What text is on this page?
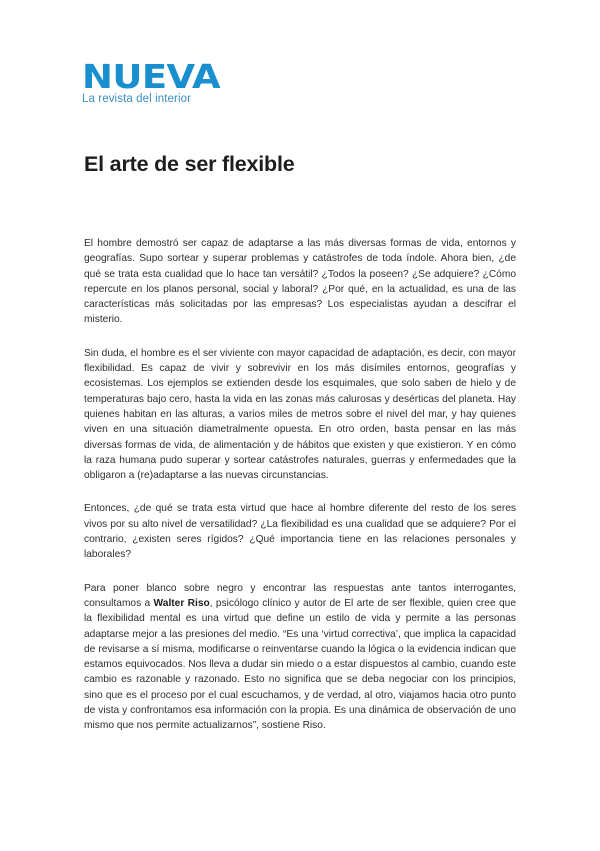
NUEVA
La revista del interior
El arte de ser flexible

El hombre demostró ser capaz de adaptarse a las más diversas formas de vida, entornos y geografías. Supo sortear y superar problemas y catástrofes de toda índole. Ahora bien, ¿de qué se trata esta cualidad que lo hace tan versátil? ¿Todos la poseen? ¿Se adquiere? ¿Cómo repercute en los planos personal, social y laboral? ¿Por qué, en la actualidad, es una de las características más solicitadas por las empresas? Los especialistas ayudan a descifrar el misterio.

Sin duda, el hombre es el ser viviente con mayor capacidad de adaptación, es decir, con mayor flexibilidad. Es capaz de vivir y sobrevivir en los más disímiles entornos, geografías y ecosistemas. Los ejemplos se extienden desde los esquimales, que solo saben de hielo y de temperaturas bajo cero, hasta la vida en las zonas más calurosas y desérticas del planeta. Hay quienes habitan en las alturas, a varios miles de metros sobre el nivel del mar, y hay quienes viven en una situación diametralmente opuesta. En otro orden, basta pensar en las más diversas formas de vida, de alimentación y de hábitos que existen y que existieron. Y en cómo la raza humana pudo superar y sortear catástrofes naturales, guerras y enfermedades que la obligaron a (re)adaptarse a las nuevas circunstancias.

Entonces, ¿de qué se trata esta virtud que hace al hombre diferente del resto de los seres vivos por su alto nivel de versatilidad? ¿La flexibilidad es una cualidad que se adquiere? Por el contrario, ¿existen seres rígidos? ¿Qué importancia tiene en las relaciones personales y laborales?

Para poner blanco sobre negro y encontrar las respuestas ante tantos interrogantes, consultamos a Walter Riso, psicólogo clínico y autor de El arte de ser flexible, quien cree que la flexibilidad mental es una virtud que define un estilo de vida y permite a las personas adaptarse mejor a las presiones del medio. “Es una ‘virtud correctiva’, que implica la capacidad de revisarse a sí misma, modificarse o reinventarse cuando la lógica o la evidencia indican que estamos equivocados. Nos lleva a dudar sin miedo o a estar dispuestos al cambio, cuando este cambio es razonable y razonado. Esto no significa que se deba negociar con los principios, sino que es el proceso por el cual escuchamos, y de verdad, al otro, viajamos hacia otro punto de vista y confrontamos esa información con la propia. Es una dinámica de observación de uno mismo que nos permite actualizarnos”, sostiene Riso.
